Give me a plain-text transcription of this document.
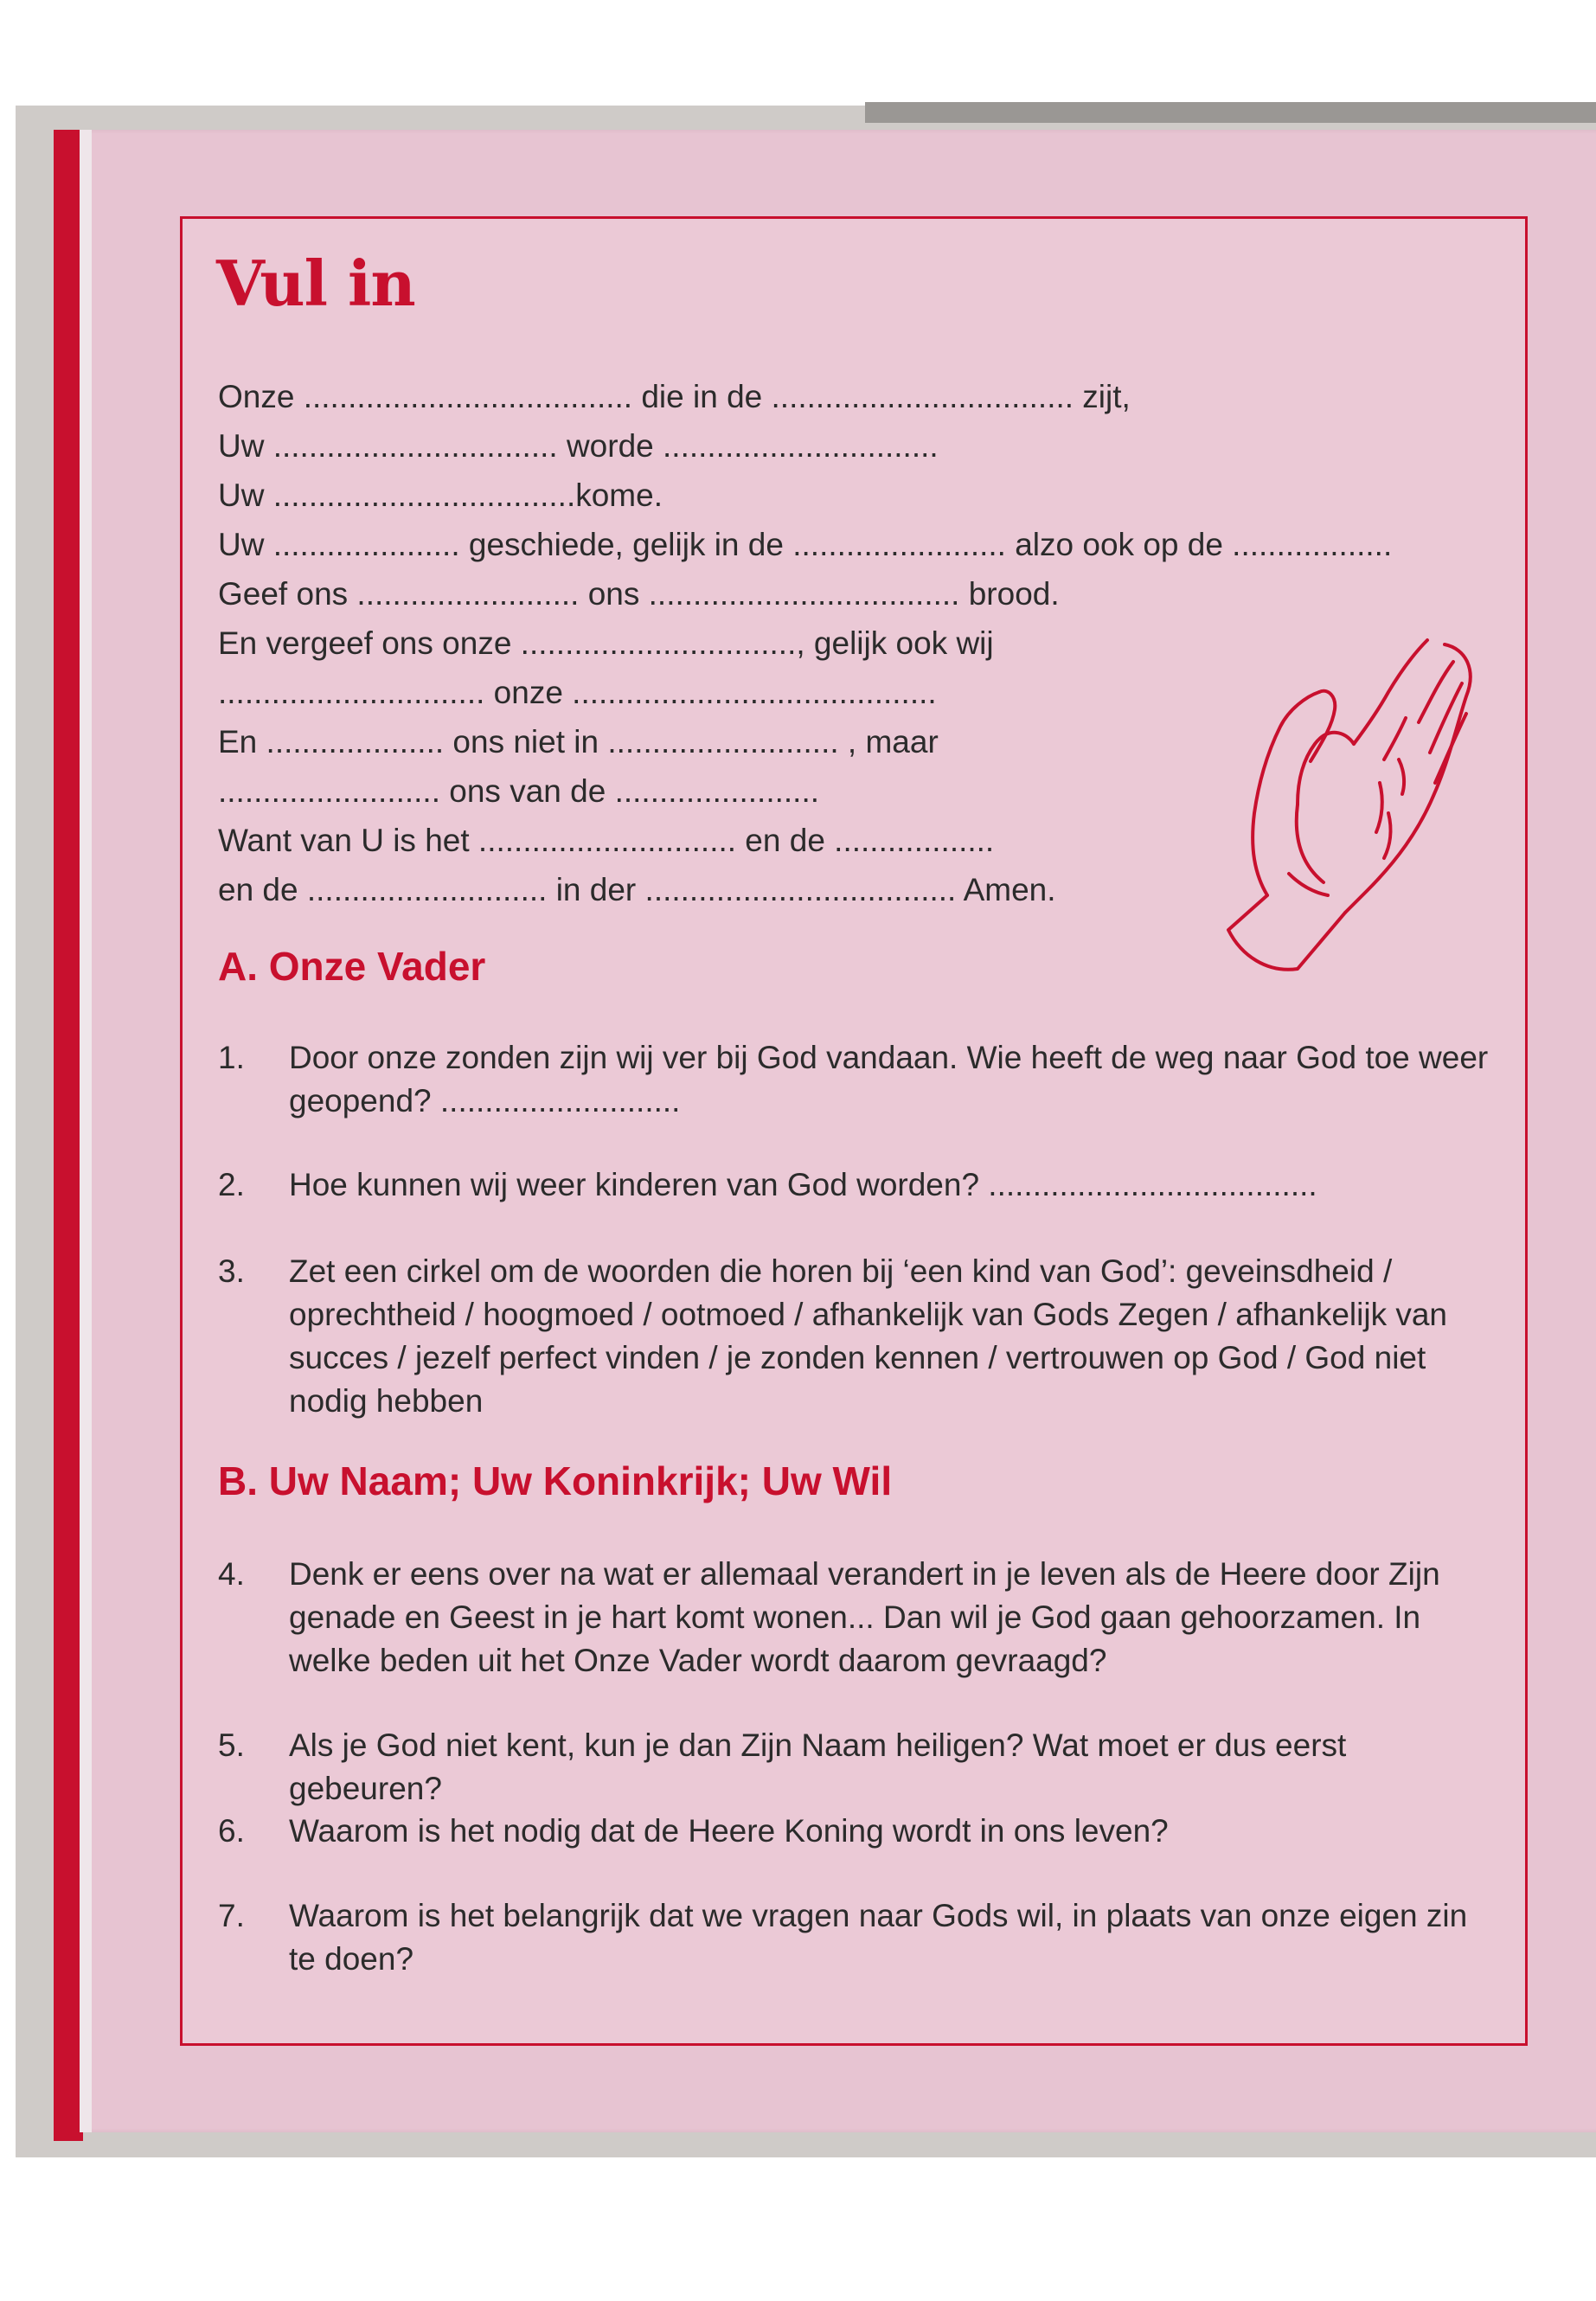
Vul in
Onze ..................................... die in de .................................. zijt,
Uw ................................ worde ...............................
Uw ..................................kome.
Uw ..................... geschiede, gelijk in de ........................ alzo ook op de ..................
Geef ons ......................... ons ................................... brood.
En vergeef ons onze ..............................., gelijk ook wij
.............................. onze .........................................
En .................... ons niet in .......................... , maar
......................... ons van de .......................
Want van U is het ............................. en de ..................
en de ........................... in der ................................... Amen.
A. Onze Vader
1.	Door onze zonden zijn wij ver bij God vandaan. Wie heeft de weg naar God toe weer geopend? ...........................
2.	Hoe kunnen wij weer kinderen van God worden? .....................................
3.	Zet een cirkel om de woorden die horen bij ‘een kind van God’: geveinsdheid / oprechtheid / hoogmoed / ootmoed / afhankelijk van Gods Zegen / afhankelijk van succes / jezelf perfect vinden / je zonden kennen / vertrouwen op God / God niet nodig hebben
B. Uw Naam; Uw Koninkrijk; Uw Wil
4.	Denk er eens over na wat er allemaal verandert in je leven als de Heere door Zijn genade en Geest in je hart komt wonen... Dan wil je God gaan gehoorzamen. In welke beden uit het Onze Vader wordt daarom gevraagd?
5.	Als je God niet kent, kun je dan Zijn Naam heiligen? Wat moet er dus eerst gebeuren?
6.	Waarom is het nodig dat de Heere Koning wordt in ons leven?
7.	Waarom is het belangrijk dat we vragen naar Gods wil, in plaats van onze eigen zin te doen?
